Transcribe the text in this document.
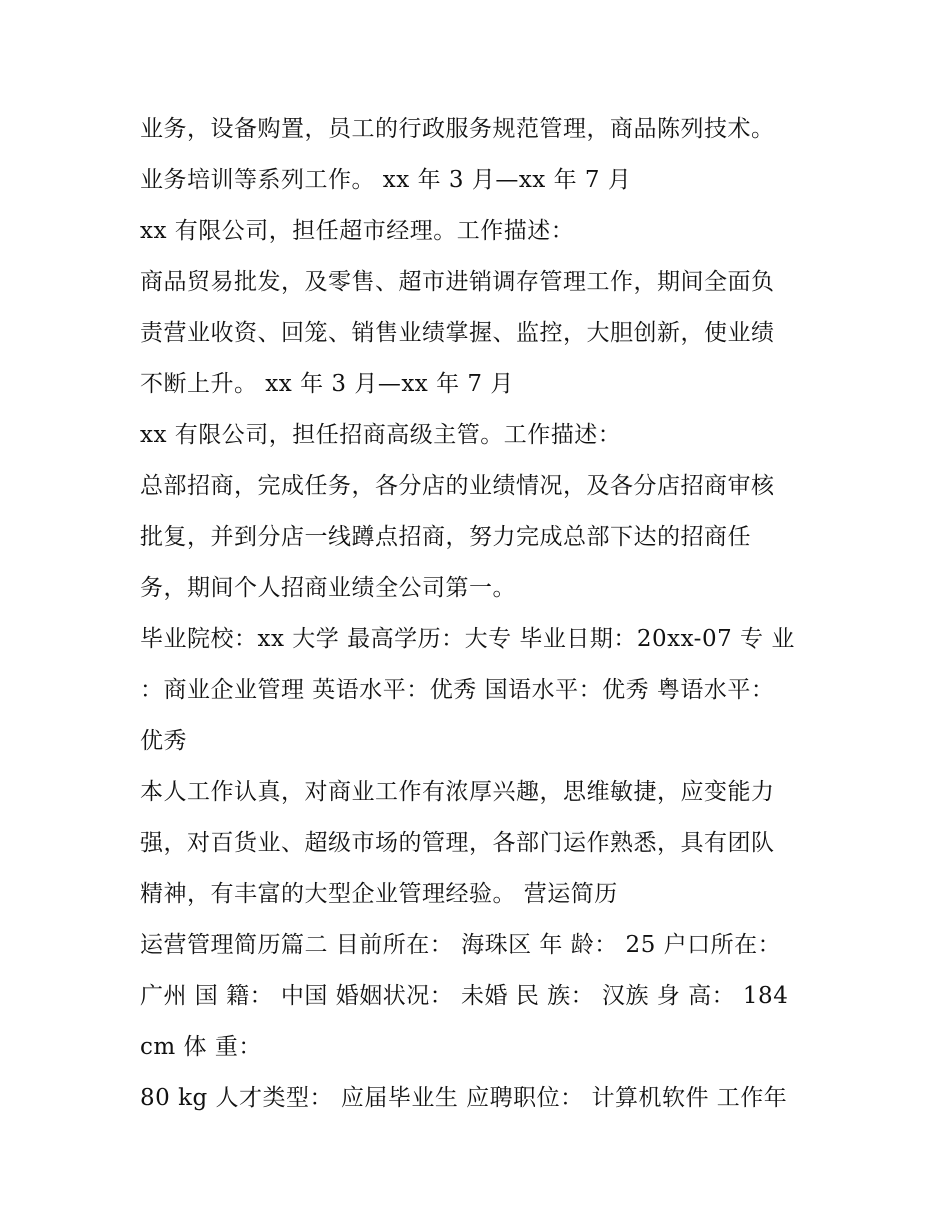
业务，设备购置，员工的行政服务规范管理，商品陈列技术。
业务培训等系列工作。 xx 年 3 月—xx 年 7 月
xx 有限公司，担任超市经理。工作描述：
商品贸易批发，及零售、超市进销调存管理工作，期间全面负
责营业收资、回笼、销售业绩掌握、监控，大胆创新，使业绩
不断上升。 xx 年 3 月—xx 年 7 月
xx 有限公司，担任招商高级主管。工作描述：
总部招商，完成任务，各分店的业绩情况，及各分店招商审核
批复，并到分店一线蹲点招商，努力完成总部下达的招商任
务，期间个人招商业绩全公司第一。
毕业院校：xx 大学 最高学历：大专 毕业日期：20xx-07 专 业
：商业企业管理 英语水平：优秀 国语水平：优秀 粤语水平：
优秀
本人工作认真，对商业工作有浓厚兴趣，思维敏捷，应变能力
强，对百货业、超级市场的管理，各部门运作熟悉，具有团队
精神，有丰富的大型企业管理经验。 营运简历
运营管理简历篇二 目前所在： 海珠区 年 龄： 25 户口所在：
广州 国 籍： 中国 婚姻状况： 未婚 民 族： 汉族 身 高： 184
cm 体 重：
80 kg 人才类型： 应届毕业生 应聘职位： 计算机软件 工作年
